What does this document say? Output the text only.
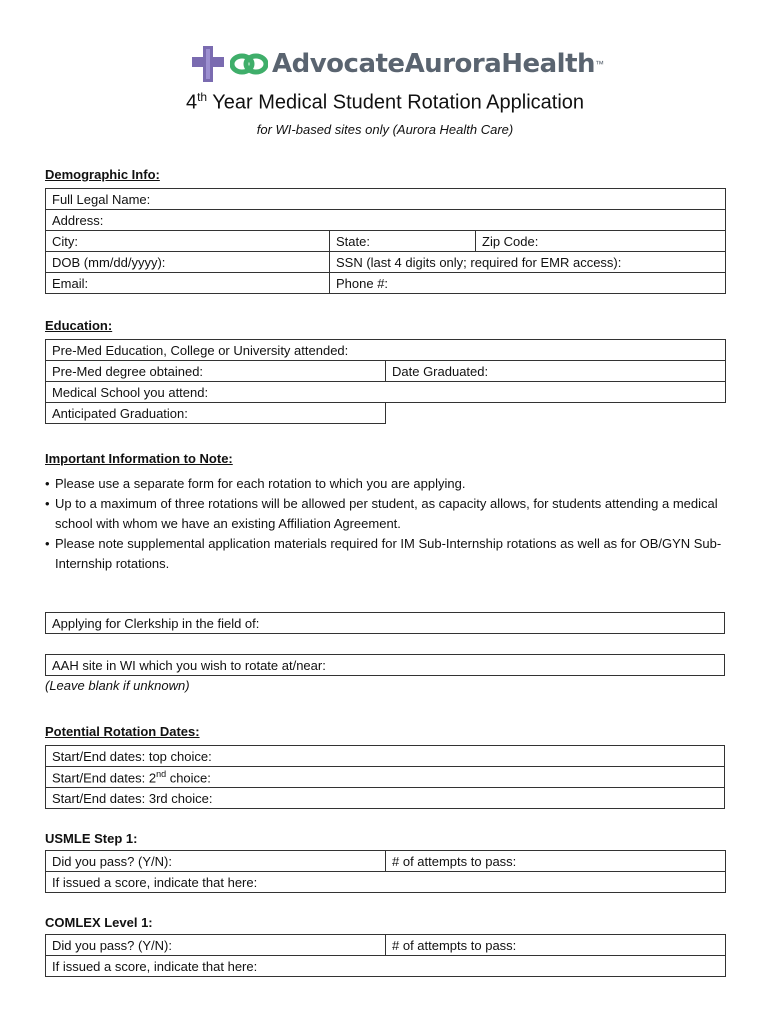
AdvocateAuroraHealth ™
4th Year Medical Student Rotation Application
for WI-based sites only (Aurora Health Care)
Demographic Info:
Full Legal Name:		
Address:		
City:	State:	Zip Code:
DOB (mm/dd/yyyy):	SSN (last 4 digits only; required for EMR access):	
Email:	Phone #:	
Education:
Pre-Med Education, College or University attended:	
Pre-Med degree obtained:	Date Graduated:
Medical School you attend:	
Anticipated Graduation:	
Important Information to Note:
• Please use a separate form for each rotation to which you are applying.
• Up to a maximum of three rotations will be allowed per student, as capacity allows, for students attending a medical school with whom we have an existing Affiliation Agreement.
• Please note supplemental application materials required for IM Sub-Internship rotations as well as for OB/GYN Sub-Internship rotations.
Applying for Clerkship in the field of:
AAH site in WI which you wish to rotate at/near:
(Leave blank if unknown)
Potential Rotation Dates:
Start/End dates: top choice:
Start/End dates: 2nd choice:
Start/End dates: 3rd choice:
USMLE Step 1:
Did you pass? (Y/N):	# of attempts to pass:
If issued a score, indicate that here:
COMLEX Level 1:
Did you pass? (Y/N):	# of attempts to pass:
If issued a score, indicate that here:
